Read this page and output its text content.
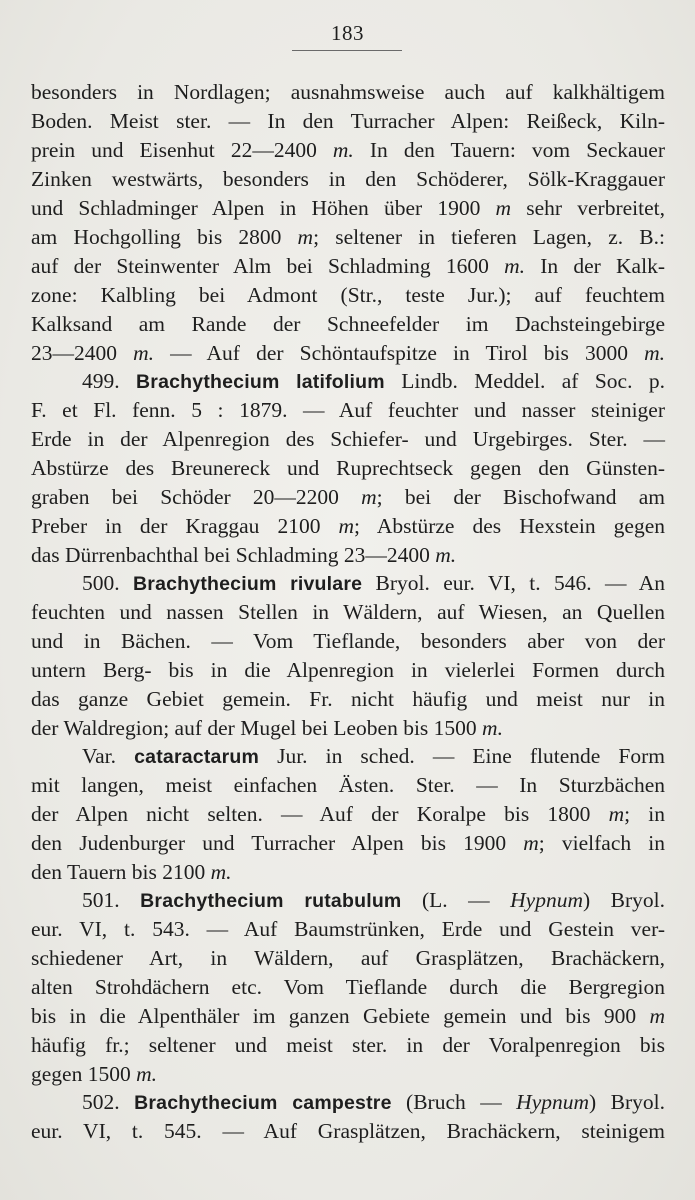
183
besonders in Nordlagen; ausnahmsweise auch auf kalkhältigem
Boden. Meist ster. — In den Turracher Alpen: Reißeck, Kiln-
prein und Eisenhut 22—2400 m. In den Tauern: vom Seckauer
Zinken westwärts, besonders in den Schöderer, Sölk-Kraggauer
und Schladminger Alpen in Höhen über 1900 m sehr verbreitet,
am Hochgolling bis 2800 m; seltener in tieferen Lagen, z. B.:
auf der Steinwenter Alm bei Schladming 1600 m. In der Kalk-
zone: Kalbling bei Admont (Str., teste Jur.); auf feuchtem
Kalksand am Rande der Schneefelder im Dachsteingebirge
23—2400 m. — Auf der Schöntaufspitze in Tirol bis 3000 m.
499. Brachythecium latifolium Lindb. Meddel. af Soc. p.
F. et Fl. fenn. 5 : 1879. — Auf feuchter und nasser steiniger
Erde in der Alpenregion des Schiefer- und Urgebirges. Ster. —
Abstürze des Breunereck und Ruprechtseck gegen den Günsten-
graben bei Schöder 20—2200 m; bei der Bischofwand am
Preber in der Kraggau 2100 m; Abstürze des Hexstein gegen
das Dürrenbachthal bei Schladming 23—2400 m.
500. Brachythecium rivulare Bryol. eur. VI, t. 546. — An
feuchten und nassen Stellen in Wäldern, auf Wiesen, an Quellen
und in Bächen. — Vom Tieflande, besonders aber von der
untern Berg- bis in die Alpenregion in vielerlei Formen durch
das ganze Gebiet gemein. Fr. nicht häufig und meist nur in
der Waldregion; auf der Mugel bei Leoben bis 1500 m.
Var. cataractarum Jur. in sched. — Eine flutende Form
mit langen, meist einfachen Ästen. Ster. — In Sturzbächen
der Alpen nicht selten. — Auf der Koralpe bis 1800 m; in
den Judenburger und Turracher Alpen bis 1900 m; vielfach in
den Tauern bis 2100 m.
501. Brachythecium rutabulum (L. — Hypnum) Bryol.
eur. VI, t. 543. — Auf Baumstrünken, Erde und Gestein ver-
schiedener Art, in Wäldern, auf Grasplätzen, Brachäckern,
alten Strohdächern etc. Vom Tieflande durch die Bergregion
bis in die Alpenthäler im ganzen Gebiete gemein und bis 900 m
häufig fr.; seltener und meist ster. in der Voralpenregion bis
gegen 1500 m.
502. Brachythecium campestre (Bruch — Hypnum) Bryol.
eur. VI, t. 545. — Auf Grasplätzen, Brachäckern, steinigem
